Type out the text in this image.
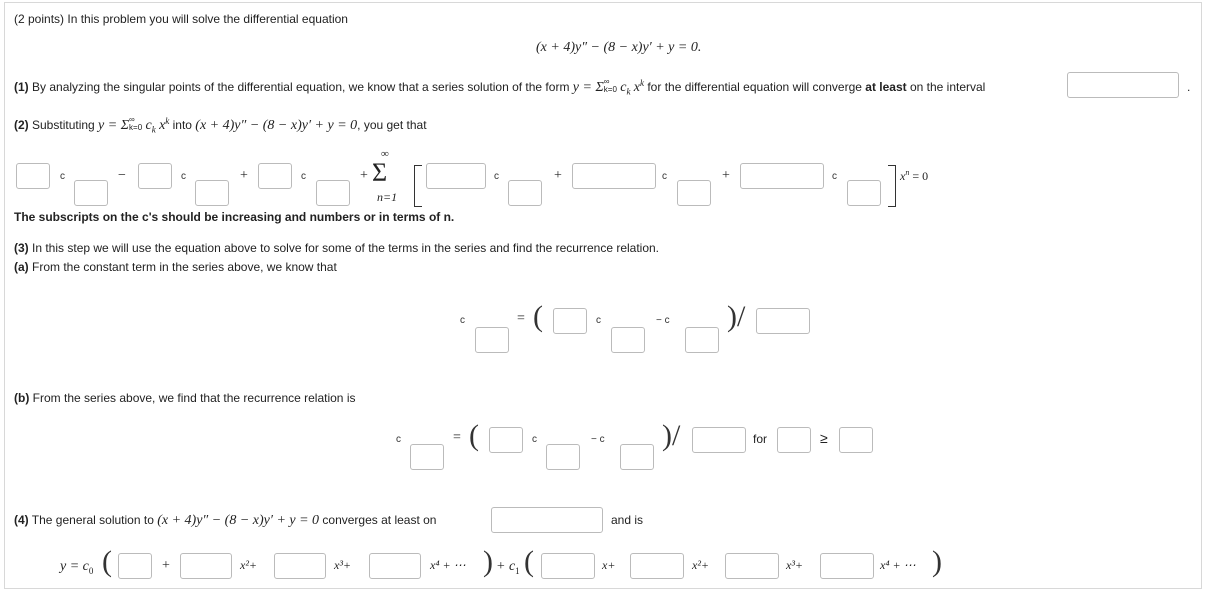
(2 points) In this problem you will solve the differential equation
(x + 4)y″ − (8 − x)y′ + y = 0.
(1) By analyzing the singular points of the differential equation, we know that a series solution of the form y = Σ∞
k=0 $c_k$ $x^k$ for the differential equation will converge at least on the interval	.
(2) Substituting y = Σ∞
k=0 $c_k$ $x^k$ into (x + 4)y″ − (8 − x)y′ + y = 0, you get that
c	−	c	+	c	+
∞
Σ
n=1
c	+	c	+	c	$x^n = 0$
The subscripts on the c's should be increasing and numbers or in terms of n.
(3) In this step we will use the equation above to solve for some of the terms in the series and find the recurrence relation.
(a) From the constant term in the series above, we know that
c	= (	c	− c )/
(b) From the series above, we find that the recurrence relation is
c	= (	c	− c )/	for	≥
(4) The general solution to (x + 4)y″ − (8 − x)y′ + y = 0 converges at least on	and is
$y = c_0$ (	+	x²+	x³+	x⁴ + ⋯ ) + $c_1$ (	x+	x²+	x³+	x⁴ + ⋯ )
